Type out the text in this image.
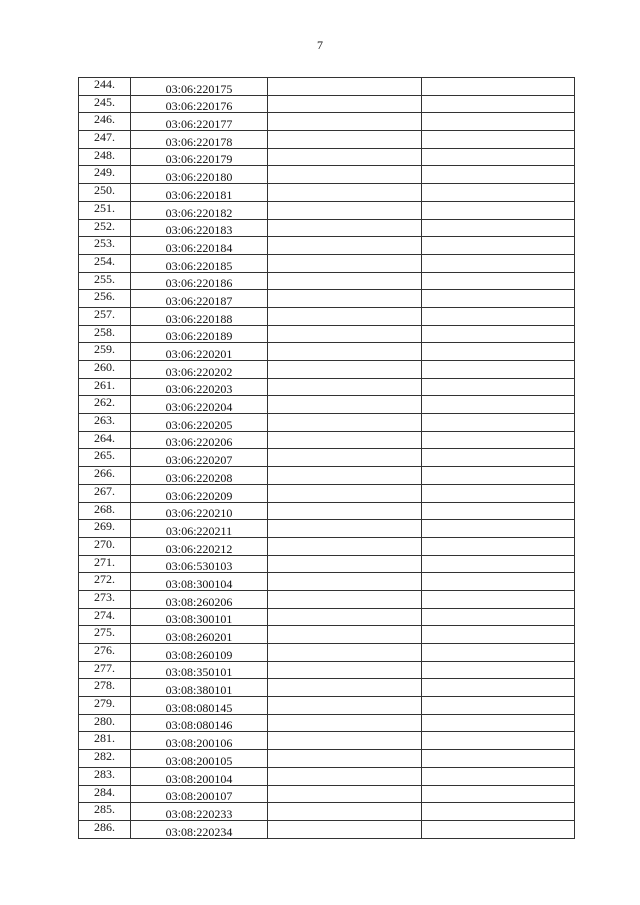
7
244.	03:06:220175		
245.	03:06:220176		
246.	03:06:220177		
247.	03:06:220178		
248.	03:06:220179		
249.	03:06:220180		
250.	03:06:220181		
251.	03:06:220182		
252.	03:06:220183		
253.	03:06:220184		
254.	03:06:220185		
255.	03:06:220186		
256.	03:06:220187		
257.	03:06:220188		
258.	03:06:220189		
259.	03:06:220201		
260.	03:06:220202		
261.	03:06:220203		
262.	03:06:220204		
263.	03:06:220205		
264.	03:06:220206		
265.	03:06:220207		
266.	03:06:220208		
267.	03:06:220209		
268.	03:06:220210		
269.	03:06:220211		
270.	03:06:220212		
271.	03:06:530103		
272.	03:08:300104		
273.	03:08:260206		
274.	03:08:300101		
275.	03:08:260201		
276.	03:08:260109		
277.	03:08:350101		
278.	03:08:380101		
279.	03:08:080145		
280.	03:08:080146		
281.	03:08:200106		
282.	03:08:200105		
283.	03:08:200104		
284.	03:08:200107		
285.	03:08:220233		
286.	03:08:220234		
